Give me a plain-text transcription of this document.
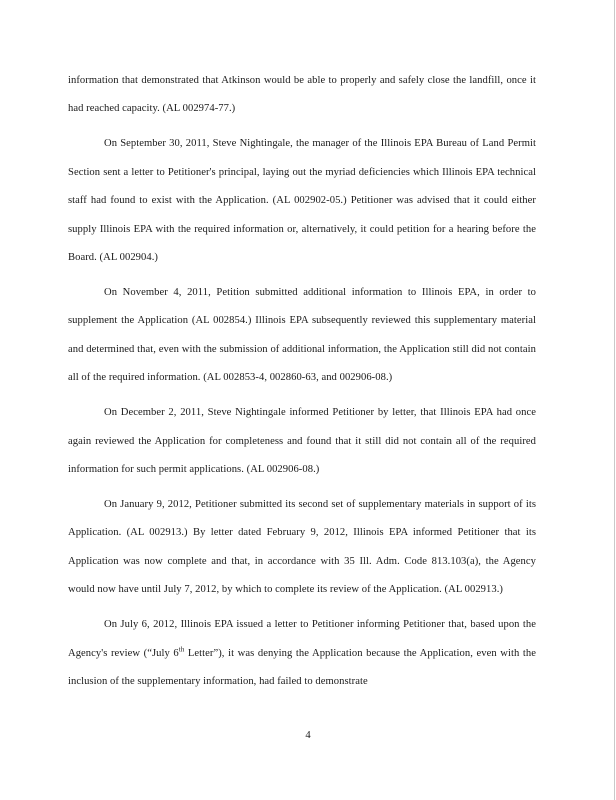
information that demonstrated that Atkinson would be able to properly and safely close the landfill, once it had reached capacity. (AL 002974-77.)

On September 30, 2011, Steve Nightingale, the manager of the Illinois EPA Bureau of Land Permit Section sent a letter to Petitioner's principal, laying out the myriad deficiencies which Illinois EPA technical staff had found to exist with the Application. (AL 002902-05.) Petitioner was advised that it could either supply Illinois EPA with the required information or, alternatively, it could petition for a hearing before the Board. (AL 002904.)

On November 4, 2011, Petition submitted additional information to Illinois EPA, in order to supplement the Application (AL 002854.) Illinois EPA subsequently reviewed this supplementary material and determined that, even with the submission of additional information, the Application still did not contain all of the required information. (AL 002853-4, 002860-63, and 002906-08.)

On December 2, 2011, Steve Nightingale informed Petitioner by letter, that Illinois EPA had once again reviewed the Application for completeness and found that it still did not contain all of the required information for such permit applications. (AL 002906-08.)

On January 9, 2012, Petitioner submitted its second set of supplementary materials in support of its Application. (AL 002913.) By letter dated February 9, 2012, Illinois EPA informed Petitioner that its Application was now complete and that, in accordance with 35 Ill. Adm. Code 813.103(a), the Agency would now have until July 7, 2012, by which to complete its review of the Application. (AL 002913.)

On July 6, 2012, Illinois EPA issued a letter to Petitioner informing Petitioner that, based upon the Agency's review (“July 6th Letter”), it was denying the Application because the Application, even with the inclusion of the supplementary information, had failed to demonstrate

4
